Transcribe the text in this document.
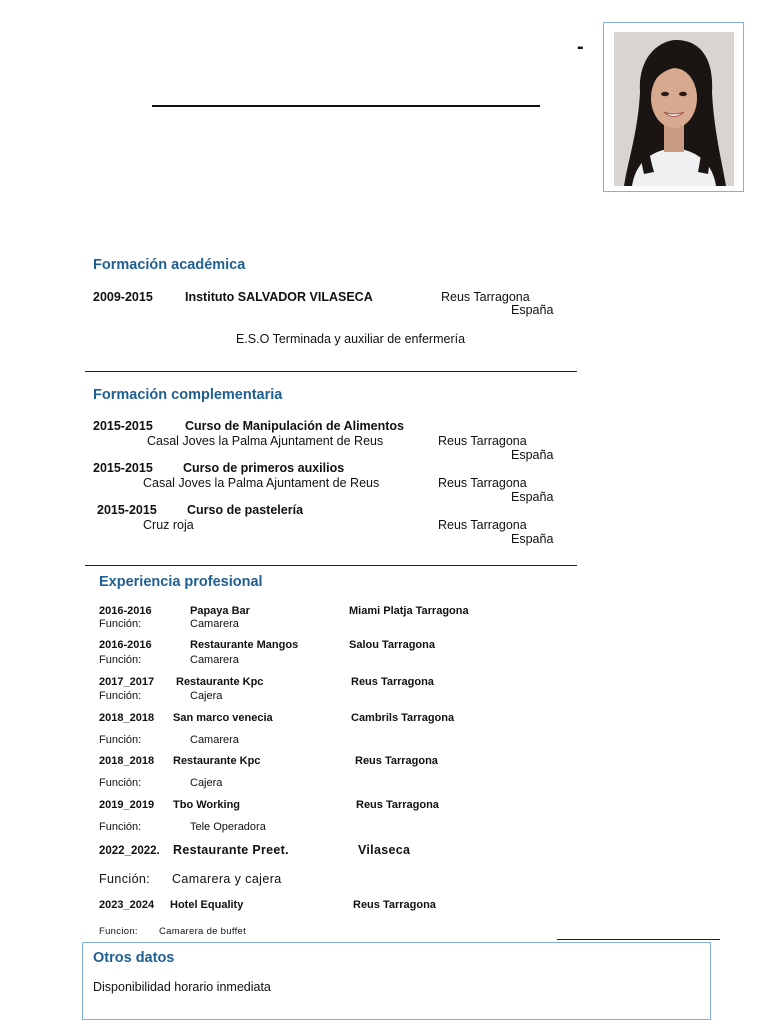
-
Formación académica
2009-2015	Instituto SALVADOR VILASECA	Reus Tarragona
España
E.S.O Terminada y auxiliar de enfermería
Formación complementaria
2015-2015	Curso de Manipulación de Alimentos
Casal Joves la Palma Ajuntament de Reus	Reus Tarragona
España
2015-2015 Curso de primeros auxilios
Casal Joves la Palma Ajuntament de Reus	Reus Tarragona
España
2015-2015 Curso de pastelería
Cruz roja	Reus Tarragona
España
Experiencia profesional
2016-2016	Papaya Bar	Miami Platja Tarragona
Función:	Camarera
2016-2016	Restaurante Mangos	Salou Tarragona
Función:	Camarera
2017_2017 Restaurante Kpc	Reus Tarragona
Función:	Cajera
2018_2018 San marco venecia	Cambrils Tarragona
Función:	Camarera
2018_2018 Restaurante Kpc	Reus Tarragona
Función:	Cajera
2019_2019 Tbo Working	Reus Tarragona
Función:	Tele Operadora
2022_2022. Restaurante Preet.	Vilaseca
Función: Camarera y cajera
2023_2024 Hotel Equality	Reus Tarragona
Funcion: Camarera de buffet
Otros datos
Disponibilidad horario inmediata
